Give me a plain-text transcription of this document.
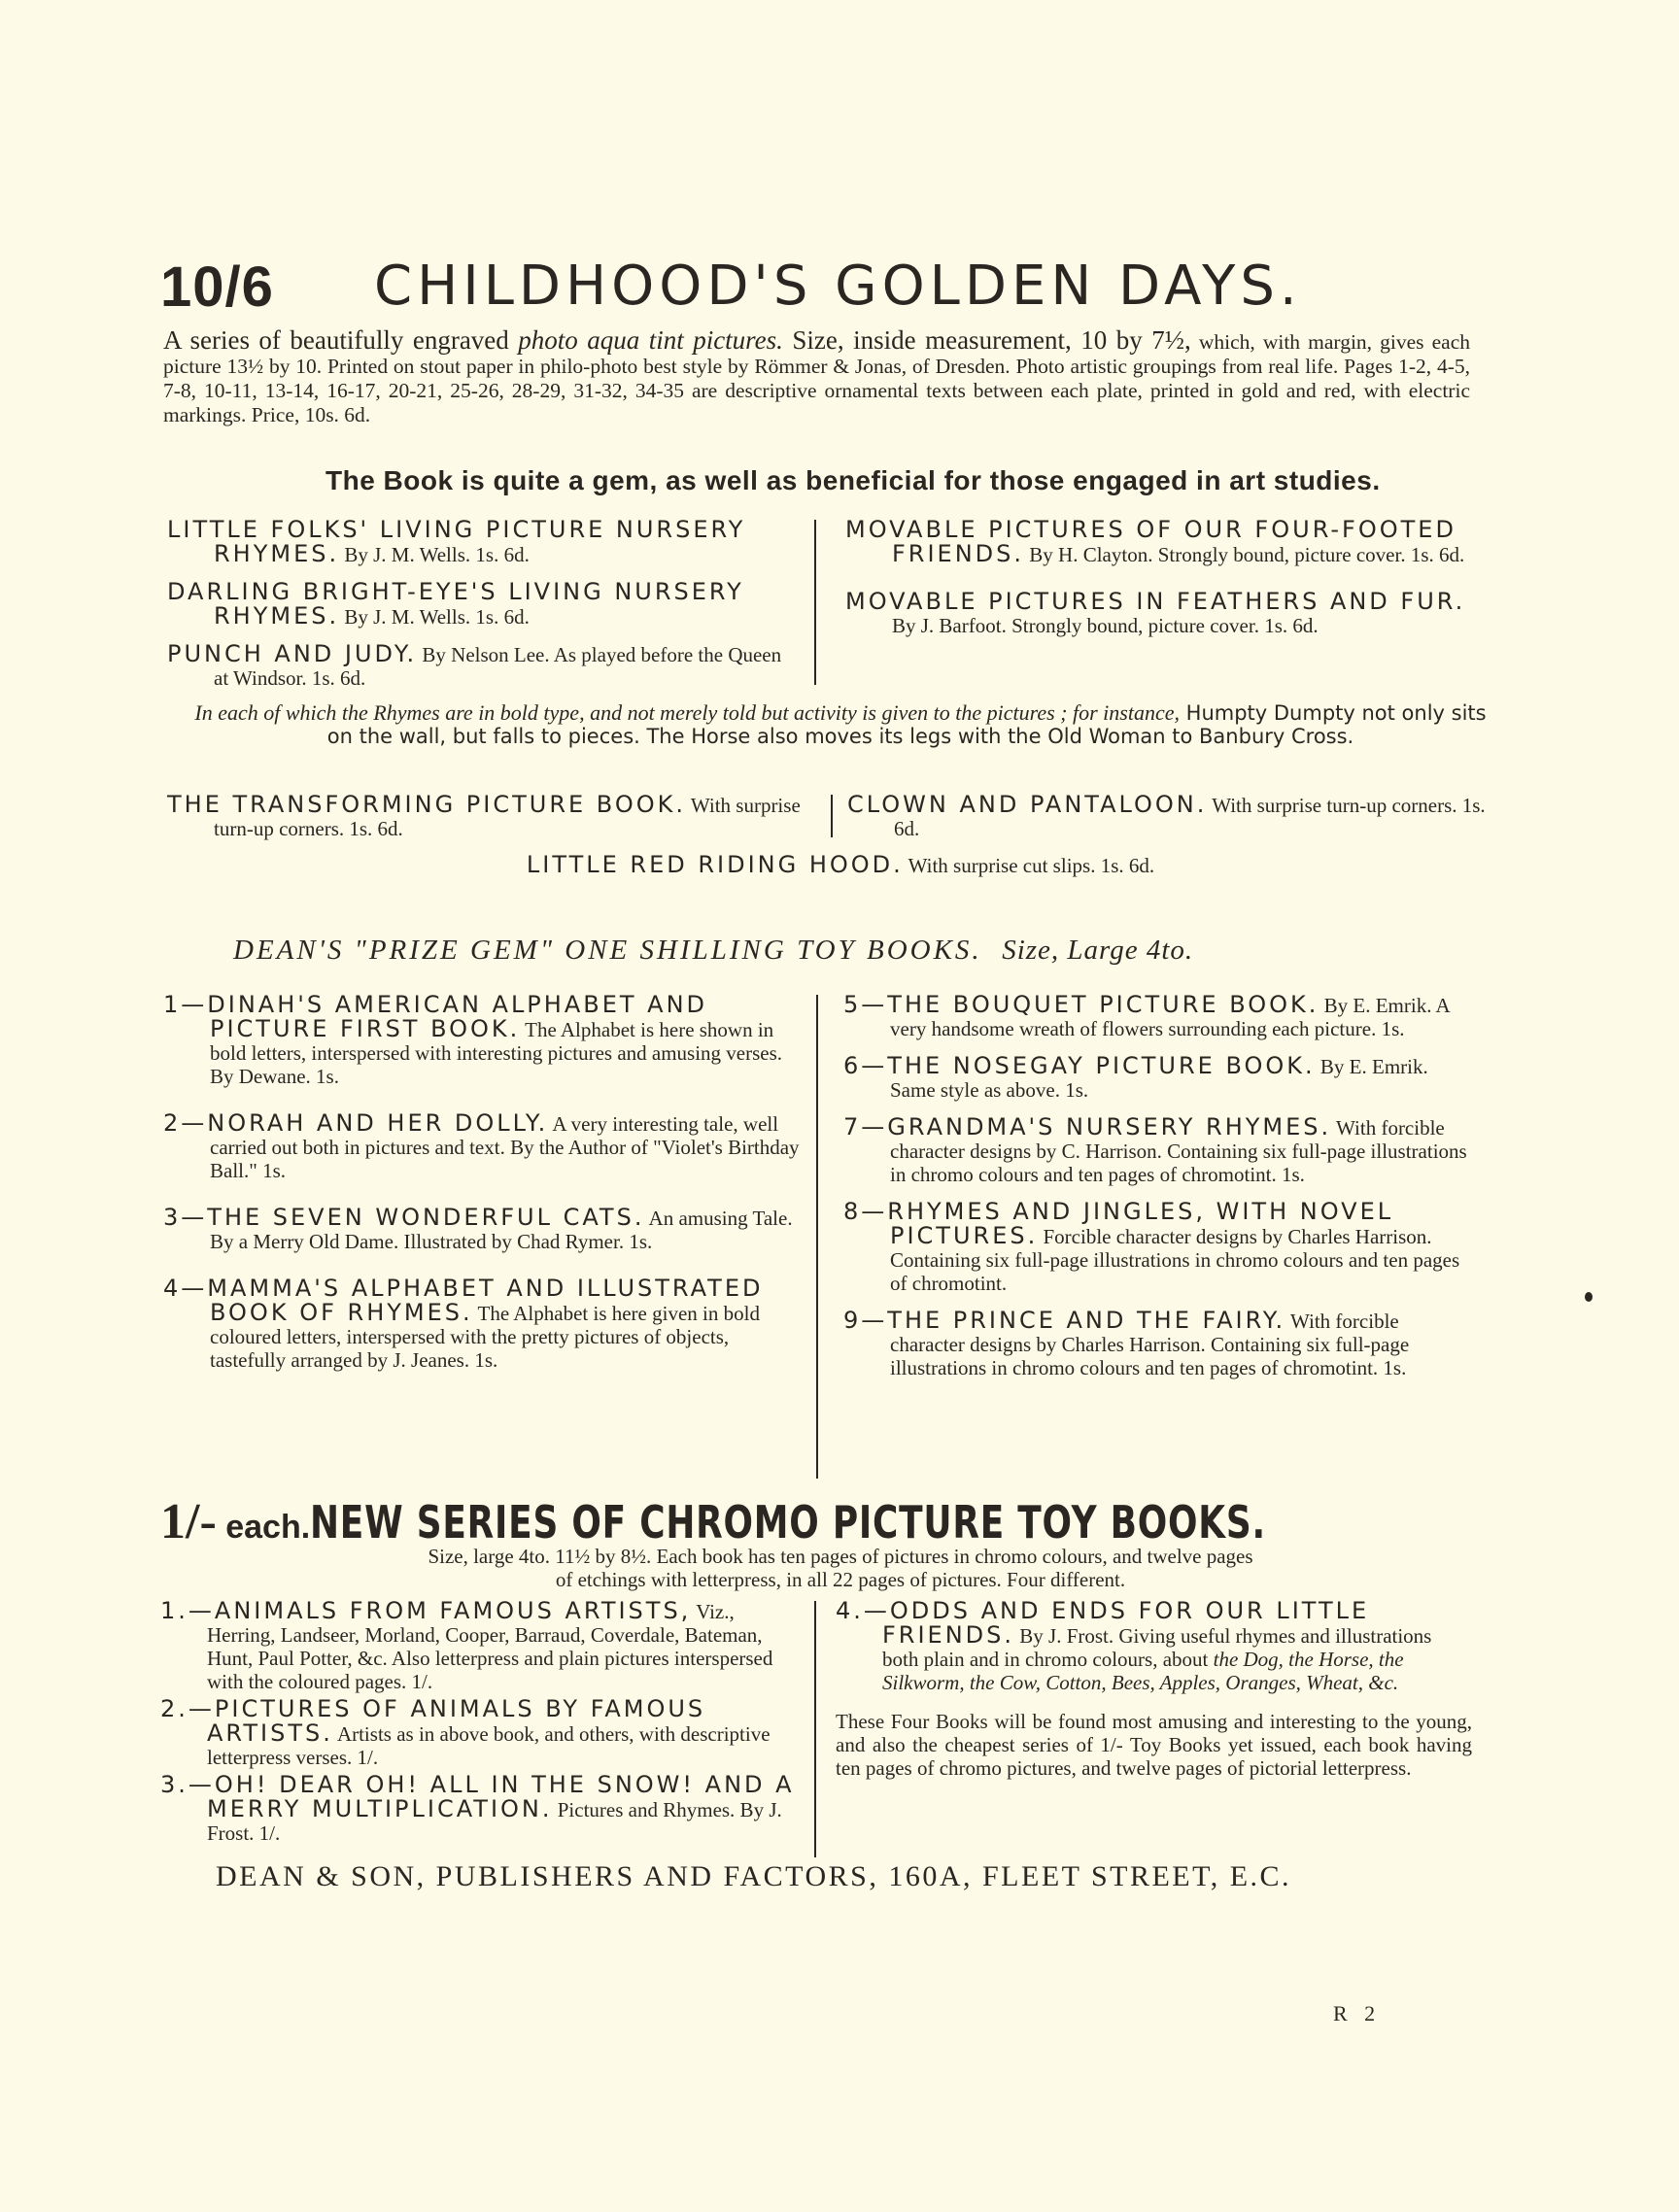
10/6 CHILDHOOD'S GOLDEN DAYS.
A series of beautifully engraved photo aqua tint pictures. Size, inside measurement, 10 by 7½, which, with margin, gives each picture 13½ by 10. Printed on stout paper in philo-photo best style by Römmer & Jonas, of Dresden. Photo artistic groupings from real life. Pages 1-2, 4-5, 7-8, 10-11, 13-14, 16-17, 20-21, 25-26, 28-29, 31-32, 34-35 are descriptive ornamental texts between each plate, printed in gold and red, with electric markings. Price, 10s. 6d.
The Book is quite a gem, as well as beneficial for those engaged in art studies.
LITTLE FOLKS' LIVING PICTURE NURSERY RHYMES. By J. M. Wells. 1s. 6d.
DARLING BRIGHT-EYE'S LIVING NURSERY RHYMES. By J. M. Wells. 1s. 6d.
PUNCH AND JUDY. By Nelson Lee. As played before the Queen at Windsor. 1s. 6d.
MOVABLE PICTURES OF OUR FOUR-FOOTED FRIENDS. By H. Clayton. Strongly bound, picture cover. 1s. 6d.
MOVABLE PICTURES IN FEATHERS AND FUR. By J. Barfoot. Strongly bound, picture cover. 1s. 6d.
In each of which the Rhymes are in bold type, and not merely told but activity is given to the pictures ; for instance, Humpty Dumpty not only sits on the wall, but falls to pieces. The Horse also moves its legs with the Old Woman to Banbury Cross.
THE TRANSFORMING PICTURE BOOK. With surprise turn-up corners. 1s. 6d.
CLOWN AND PANTALOON. With surprise turn-up corners. 1s. 6d.
LITTLE RED RIDING HOOD. With surprise cut slips. 1s. 6d.
DEAN'S "PRIZE GEM" ONE SHILLING TOY BOOKS. Size, Large 4to.
1—DINAH'S AMERICAN ALPHABET AND PICTURE FIRST BOOK. The Alphabet is here shown in bold letters, interspersed with interesting pictures and amusing verses. By Dewane. 1s.
2—NORAH AND HER DOLLY. A very interesting tale, well carried out both in pictures and text. By the Author of "Violet's Birthday Ball." 1s.
3—THE SEVEN WONDERFUL CATS. An amusing Tale. By a Merry Old Dame. Illustrated by Chad Rymer. 1s.
4—MAMMA'S ALPHABET AND ILLUSTRATED BOOK OF RHYMES. The Alphabet is here given in bold coloured letters, interspersed with the pretty pictures of objects, tastefully arranged by J. Jeanes. 1s.
5—THE BOUQUET PICTURE BOOK. By E. Emrik. A very handsome wreath of flowers surrounding each picture. 1s.
6—THE NOSEGAY PICTURE BOOK. By E. Emrik. Same style as above. 1s.
7—GRANDMA'S NURSERY RHYMES. With forcible character designs by C. Harrison. Containing six full-page illustrations in chromo colours and ten pages of chromotint. 1s.
8—RHYMES AND JINGLES, WITH NOVEL PICTURES. Forcible character designs by Charles Harrison. Containing six full-page illustrations in chromo colours and ten pages of chromotint.
9—THE PRINCE AND THE FAIRY. With forcible character designs by Charles Harrison. Containing six full-page illustrations in chromo colours and ten pages of chromotint. 1s.
1/- each.NEW SERIES OF CHROMO PICTURE TOY BOOKS.
Size, large 4to. 11½ by 8½. Each book has ten pages of pictures in chromo colours, and twelve pages
of etchings with letterpress, in all 22 pages of pictures. Four different.
1.—ANIMALS FROM FAMOUS ARTISTS, Viz., Herring, Landseer, Morland, Cooper, Barraud, Coverdale, Bateman, Hunt, Paul Potter, &c. Also letterpress and plain pictures interspersed with the coloured pages. 1/.
2.—PICTURES OF ANIMALS BY FAMOUS ARTISTS. Artists as in above book, and others, with descriptive letterpress verses. 1/.
3.—OH! DEAR OH! ALL IN THE SNOW! AND A MERRY MULTIPLICATION. Pictures and Rhymes. By J. Frost. 1/.
4.—ODDS AND ENDS FOR OUR LITTLE FRIENDS. By J. Frost. Giving useful rhymes and illustrations both plain and in chromo colours, about the Dog, the Horse, the Silkworm, the Cow, Cotton, Bees, Apples, Oranges, Wheat, &c.
These Four Books will be found most amusing and interesting to the young, and also the cheapest series of 1/- Toy Books yet issued, each book having ten pages of chromo pictures, and twelve pages of pictorial letterpress.
DEAN & SON, PUBLISHERS AND FACTORS, 160A, FLEET STREET, E.C.
R 2
